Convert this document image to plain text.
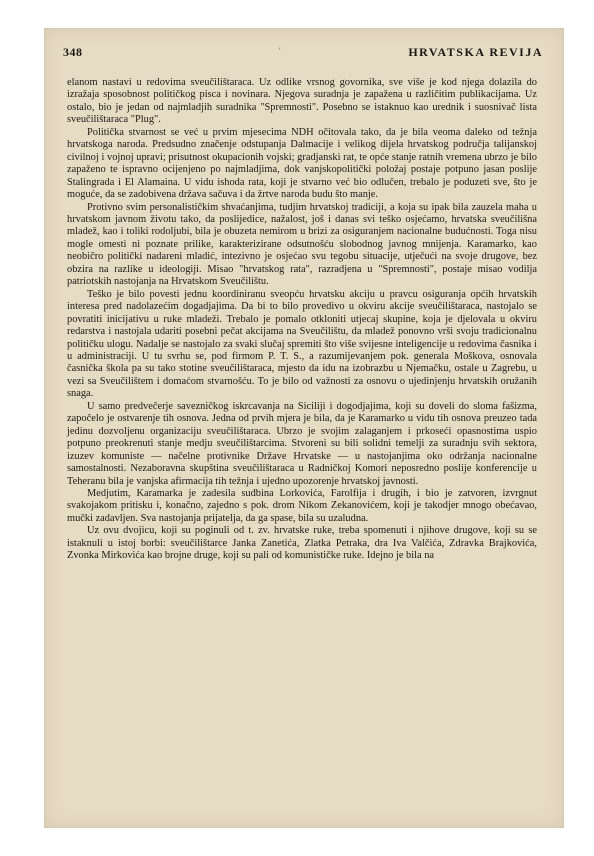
348	'	HRVATSKA REVIJA

elanom nastavi u redovima sveučilištaraca. Uz odlike vrsnog govornika, sve više je kod njega dolazila do izražaja sposobnost političkog pisca i novinara. Njegova suradnja je zapažena u različitim publikacijama. Uz ostalo, bio je jedan od najmladjih suradnika "Spremnosti". Posebno se istaknuo kao urednik i suosnivač lista sveučilištaraca "Plug".

Politička stvarnost se već u prvim mjesecima NDH očitovala tako, da je bila veoma daleko od težnja hrvatskoga naroda. Predsudno značenje odstupanja Dalmacije i velikog dijela hrvatskog područja talijanskoj civilnoj i vojnoj upravi; prisutnost okupacionih vojski; gradjanski rat, te opće stanje ratnih vremena ubrzo je bilo zapaženo te ispravno ocijenjeno po najmladjima, dok vanjskopolitički položaj postaje potpuno jasan poslije Stalingrada i El Alamaina. U vidu ishoda rata, koji je stvarno već bio odlučen, trebalo je poduzeti sve, što je moguće, da se zadobivena država sačuva i da žrtve naroda budu što manje.

Protivno svim personalističkim shvaćanjima, tudjim hrvatskoj tradiciji, a koja su ipak bila zauzela maha u hrvatskom javnom životu tako, da poslijedice, nažalost, još i danas svi teško osjećamo, hrvatska sveučilišna mladež, kao i toliki rodoljubi, bila je obuzeta nemirom u brizi za osiguranjem nacionalne budućnosti. Toga nisu mogle omesti ni poznate prilike, karakterizirane odsutnošću slobodnog javnog mnijenja. Karamarko, kao neobičro politički nadareni mladić, intezivno je osjećao svu tegobu situacije, utječući na svoje drugove, bez obzira na razlike u ideologiji. Misao "hrvatskog rata", razradjena u "Spremnosti", postaje misao vodilja patriotskih nastojanja na Hrvatskom Sveučilištu.

Teško je bilo povesti jednu koordiniranu sveopću hrvatsku akciju u pravcu osiguranja općih hrvatskih interesa pred nadolazećim dogadjajima. Da bi to bilo provedivo u okviru akcije sveučilištaraca, nastojalo se povratiti inicijativu u ruke mladeži. Trebalo je pomalo otkloniti utjecaj skupine, koja je djelovala u okviru redarstva i nastojala udariti posebni pečat akcijama na Sveučilištu, da mladež ponovno vrši svoju tradicionalnu političku ulogu. Nadalje se nastojalo za svaki slučaj spremiti što više svijesne inteligencije u redovima časnika i u administraciji. U tu svrhu se, pod firmom P. T. S., a razumijevanjem pok. generala Moškova, osnovala časnička škola pa su tako stotine sveučilištaraca, mjesto da idu na izobrazbu u Njemačku, ostale u Zagrebu, u vezi sa Sveučilištem i domaćom stvarnošću. To je bilo od važnosti za osnovu o ujedinjenju hrvatskih oružanih snaga.

U samo predvečerje savezničkog iskrcavanja na Siciliji i dogodjajima, koji su doveli do sloma fašizma, započelo je ostvarenje tih osnova. Jedna od prvih mjera je bila, da je Karamarko u vidu tih osnova preuzeo tada jedinu dozvoljenu organizaciju sveučilištaraca. Ubrzo je svojim zalaganjem i prkoseći opasnostima uspio potpuno preokrenuti stanje medju sveučilištarcima. Stvoreni su bili solidni temelji za suradnju svih sektora, izuzev komuniste — načelne protivnike Države Hrvatske — u nastojanjima oko održanja nacionalne samostalnosti. Nezaboravna skupština sveučilištaraca u Radničkoj Komori neposredno poslije konferencije u Teheranu bila je vanjska afirmacija tih težnja i ujedno upozorenje hrvatskoj javnosti.

Medjutim, Karamarka je zadesila sudbina Lorkovića, Farolfija i drugih, i bio je zatvoren, izvrgnut svakojakom pritisku i, konačno, zajedno s pok. drom Nikom Zekanovićem, koji je takodjer mnogo obećavao, mučki zadavljen. Sva nastojanja prijatelja, da ga spase, bila su uzaludna.

Uz ovu dvojicu, koji su poginuli od t. zv. hrvatske ruke, treba spomenuti i njihove drugove, koji su se istaknuli u istoj borbi: sveučilištarce Janka Zanetića, Zlatka Petraka, dra Iva Valčića, Zdravka Brajkovića, Zvonka Mirkovića kao brojne druge, koji su pali od komunističke ruke. Idejno je bila na
